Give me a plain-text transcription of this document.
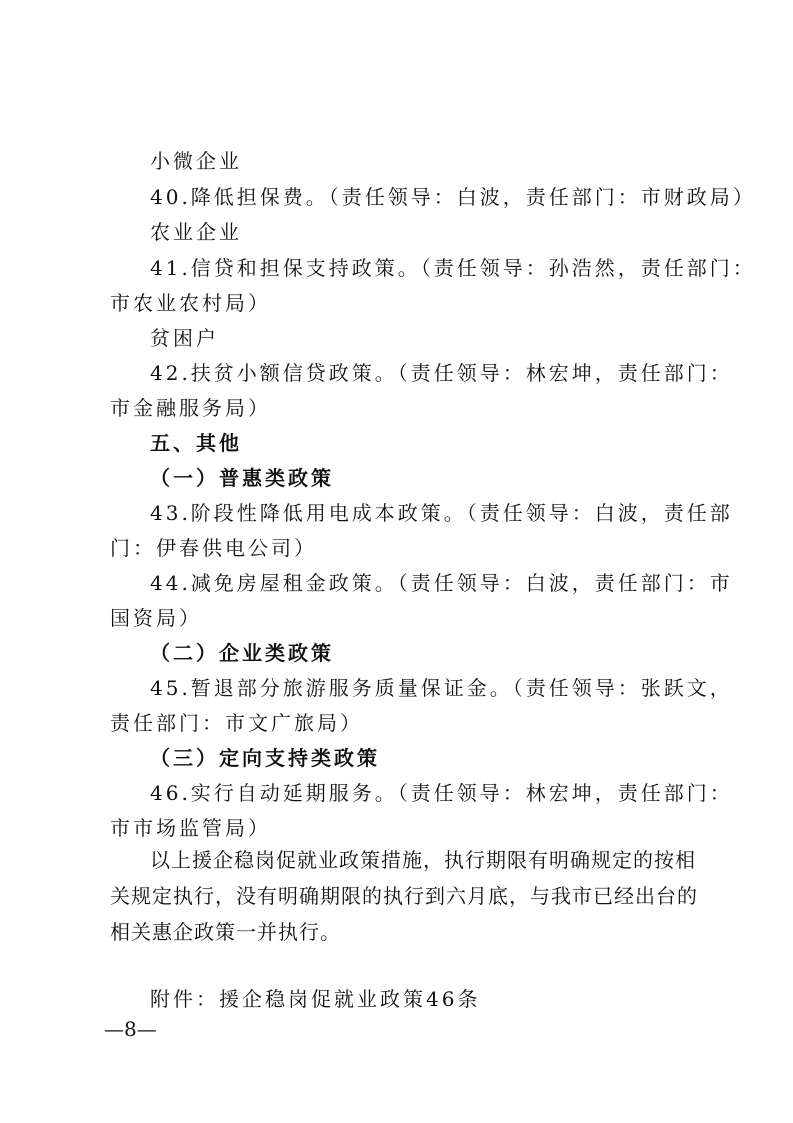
小微企业
40.降低担保费。（责任领导：白波，责任部门：市财政局）
农业企业
41.信贷和担保支持政策。（责任领导：孙浩然，责任部门：
市农业农村局）
贫困户
42.扶贫小额信贷政策。（责任领导：林宏坤，责任部门：
市金融服务局）
五、其他
（一）普惠类政策
43.阶段性降低用电成本政策。（责任领导：白波，责任部
门：伊春供电公司）
44.减免房屋租金政策。（责任领导：白波，责任部门：市
国资局）
（二）企业类政策
45.暂退部分旅游服务质量保证金。（责任领导：张跃文，
责任部门：市文广旅局）
（三）定向支持类政策
46.实行自动延期服务。（责任领导：林宏坤，责任部门：
市市场监管局）
以上援企稳岗促就业政策措施，执行期限有明确规定的按相关规定执行，没有明确期限的执行到六月底，与我市已经出台的相关惠企政策一并执行。
附件：援企稳岗促就业政策46条
—8—
